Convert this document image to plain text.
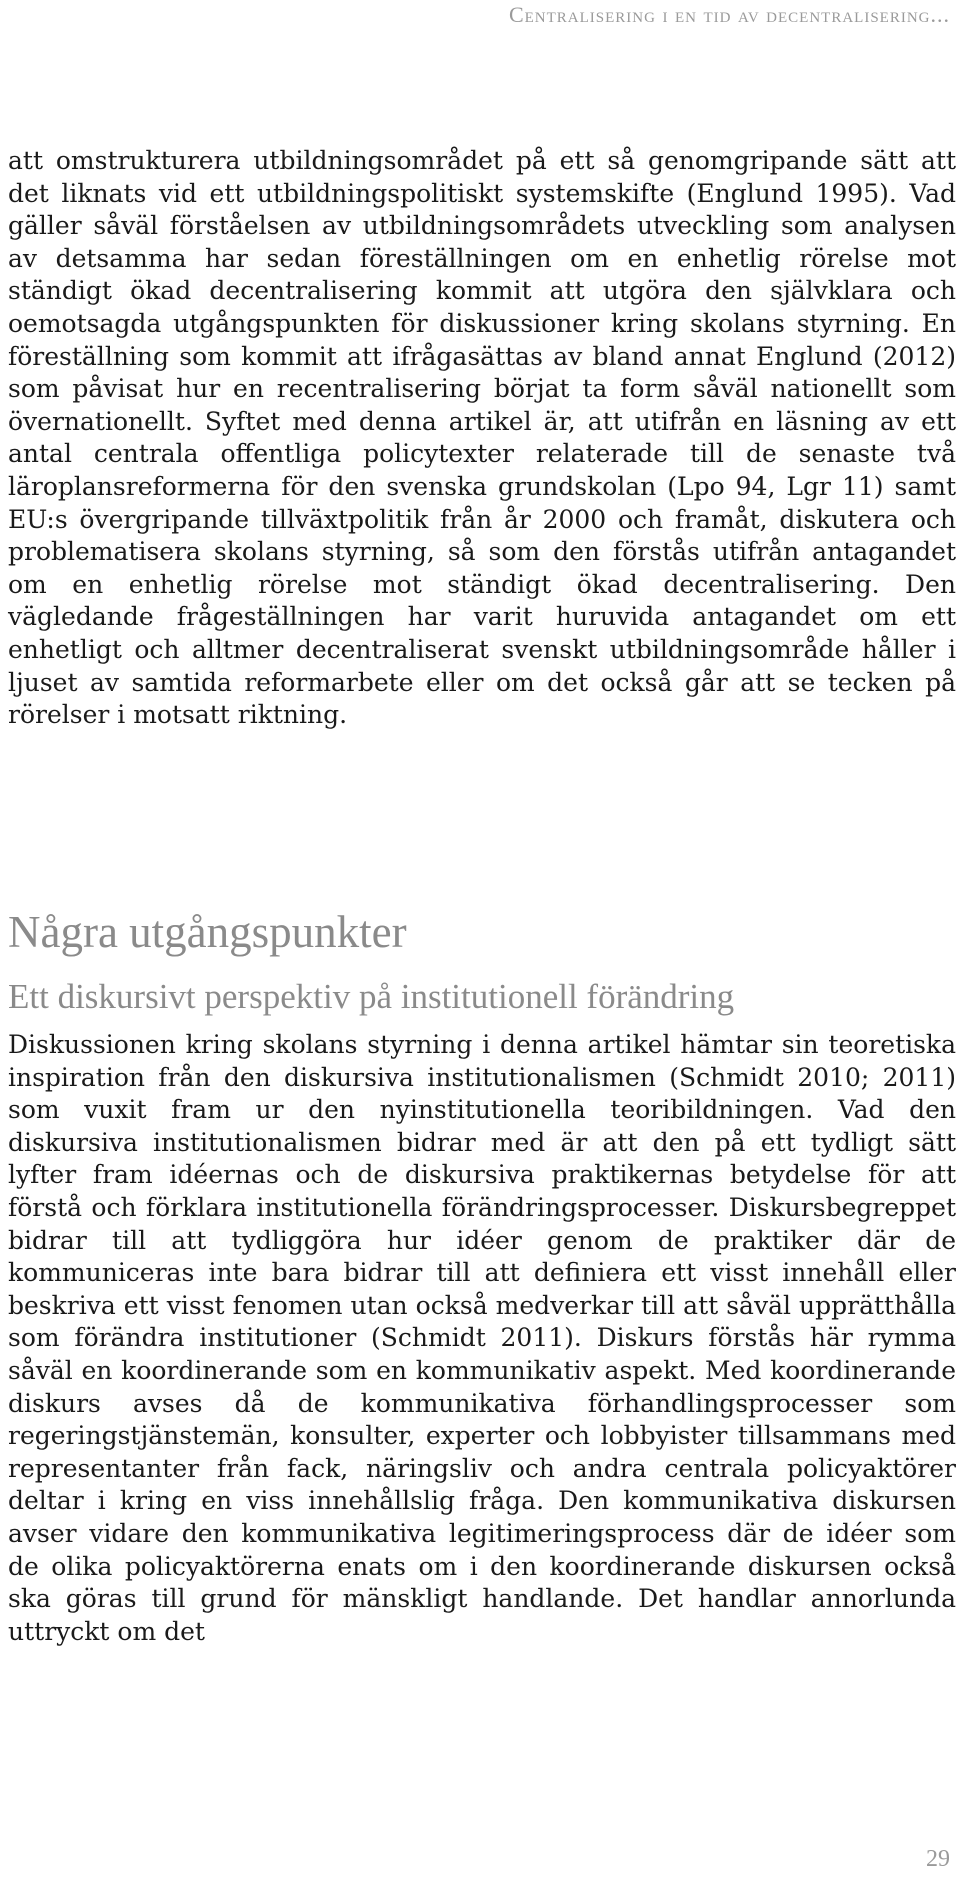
Centralisering i en tid av decentralisering...

att omstrukturera utbildningsområdet på ett så genomgripande sätt att det liknats vid ett utbildningspolitiskt systemskifte (Englund 1995). Vad gäller såväl förståelsen av utbildningsområdets utveckling som analysen av detsamma har sedan föreställningen om en enhetlig rörelse mot ständigt ökad decentralisering kommit att utgöra den självklara och oemotsagda utgångspunkten för diskussioner kring skolans styrning. En föreställning som kommit att ifrågasättas av bland annat Englund (2012) som påvisat hur en recentralisering börjat ta form såväl nationellt som övernationellt. Syftet med denna artikel är, att utifrån en läsning av ett antal centrala offentliga policytexter relaterade till de senaste två läroplansreformerna för den svenska grundskolan (Lpo 94, Lgr 11) samt EU:s övergripande tillväxtpolitik från år 2000 och framåt, diskutera och problematisera skolans styrning, så som den förstås utifrån antagandet om en enhetlig rörelse mot ständigt ökad decentralisering. Den vägledande frågeställningen har varit huruvida antagandet om ett enhetligt och alltmer decentraliserat svenskt utbildningsområde håller i ljuset av samtida reformarbete eller om det också går att se tecken på rörelser i motsatt riktning.

Några utgångspunkter
Ett diskursivt perspektiv på institutionell förändring

Diskussionen kring skolans styrning i denna artikel hämtar sin teoretiska inspiration från den diskursiva institutionalismen (Schmidt 2010; 2011) som vuxit fram ur den nyinstitutionella teoribildningen. Vad den diskursiva institutionalismen bidrar med är att den på ett tydligt sätt lyfter fram idéernas och de diskursiva praktikernas betydelse för att förstå och förklara institutionella förändringsprocesser. Diskursbegreppet bidrar till att tydliggöra hur idéer genom de praktiker där de kommuniceras inte bara bidrar till att definiera ett visst innehåll eller beskriva ett visst fenomen utan också medverkar till att såväl upprätthålla som förändra institutioner (Schmidt 2011). Diskurs förstås här rymma såväl en koordinerande som en kommunikativ aspekt. Med koordinerande diskurs avses då de kommunikativa förhandlingsprocesser som regeringstjänstemän, konsulter, experter och lobbyister tillsammans med representanter från fack, näringsliv och andra centrala policyaktörer deltar i kring en viss innehållslig fråga. Den kommunikativa diskursen avser vidare den kommunikativa legitimeringsprocess där de idéer som de olika policyaktörerna enats om i den koordinerande diskursen också ska göras till grund för mänskligt handlande. Det handlar annorlunda uttryckt om det

29
